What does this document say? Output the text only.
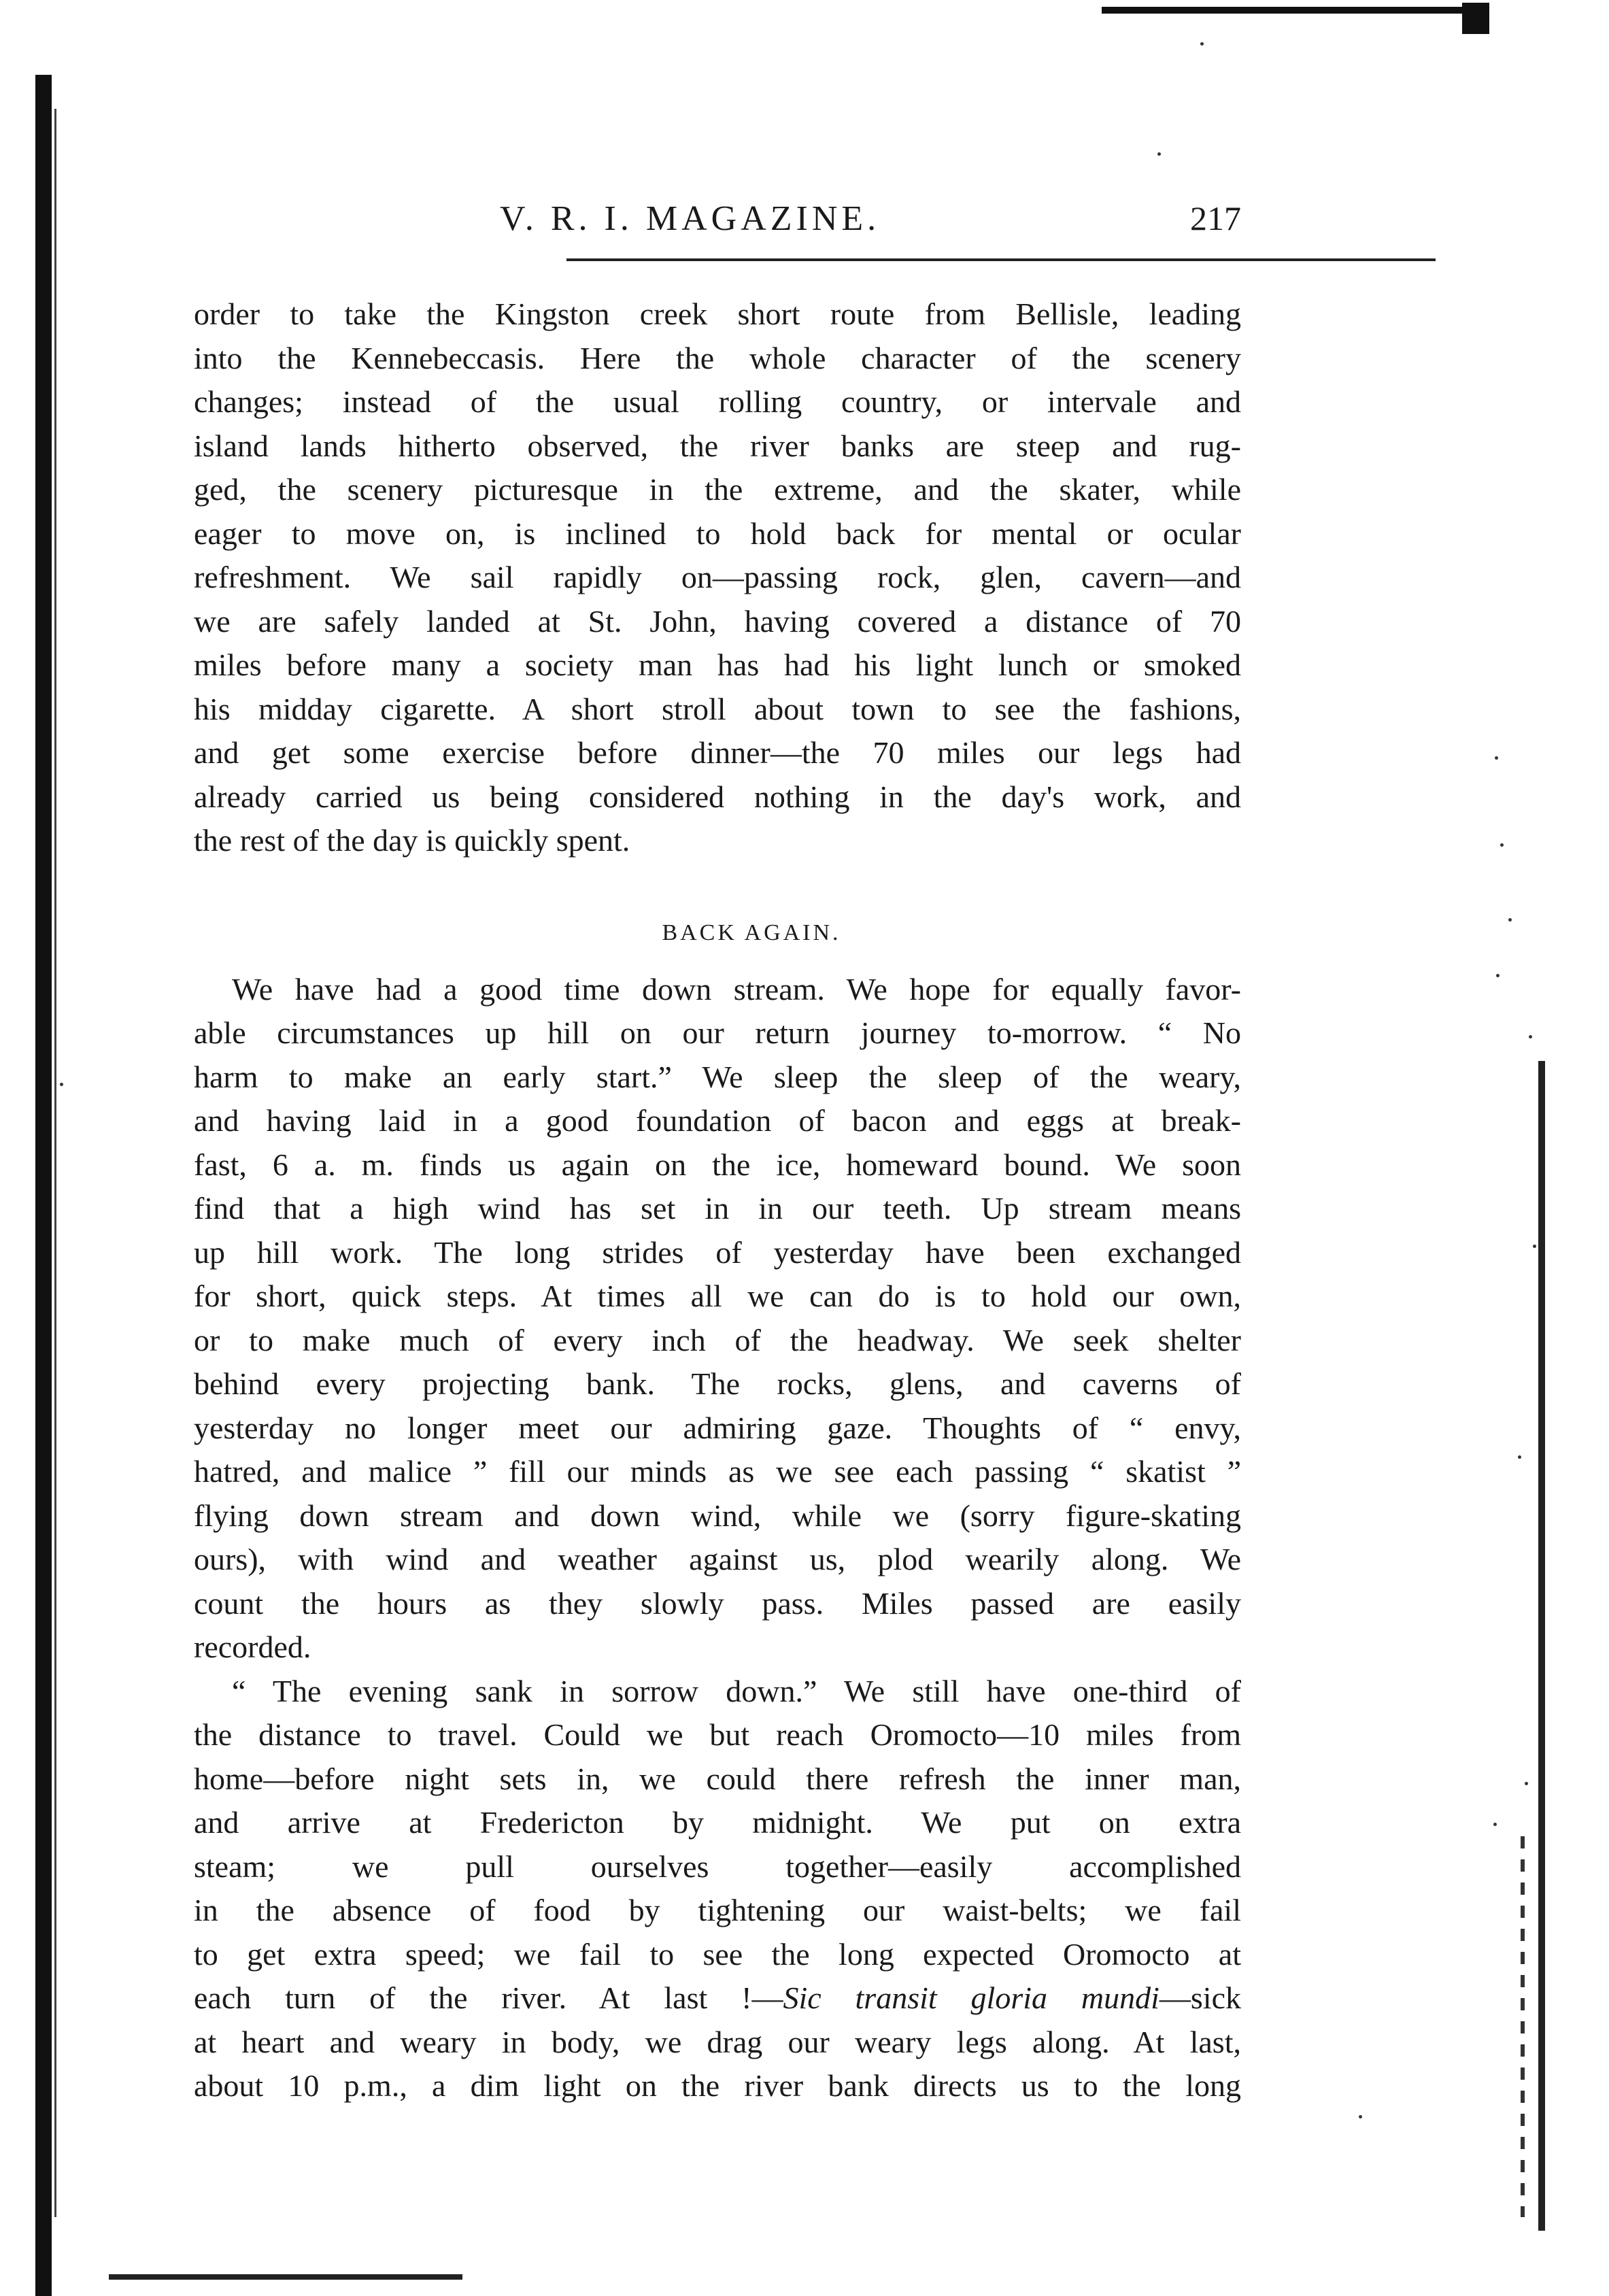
V. R. I. MAGAZINE.	217
order to take the Kingston creek short route from Bellisle, leading
into the Kennebeccasis. Here the whole character of the scenery
changes; instead of the usual rolling country, or intervale and
island lands hitherto observed, the river banks are steep and rug-
ged, the scenery picturesque in the extreme, and the skater, while
eager to move on, is inclined to hold back for mental or ocular
refreshment. We sail rapidly on—passing rock, glen, cavern—and
we are safely landed at St. John, having covered a distance of 70
miles before many a society man has had his light lunch or smoked
his midday cigarette. A short stroll about town to see the fashions,
and get some exercise before dinner—the 70 miles our legs had
already carried us being considered nothing in the day's work, and
the rest of the day is quickly spent.
BACK AGAIN.
We have had a good time down stream. We hope for equally favor-
able circumstances up hill on our return journey to-morrow. “ No
harm to make an early start.” We sleep the sleep of the weary,
and having laid in a good foundation of bacon and eggs at break-
fast, 6 a. m. finds us again on the ice, homeward bound. We soon
find that a high wind has set in in our teeth. Up stream means
up hill work. The long strides of yesterday have been exchanged
for short, quick steps. At times all we can do is to hold our own,
or to make much of every inch of the headway. We seek shelter
behind every projecting bank. The rocks, glens, and caverns of
yesterday no longer meet our admiring gaze. Thoughts of “ envy,
hatred, and malice ” fill our minds as we see each passing “ skatist ”
flying down stream and down wind, while we (sorry figure-skating
ours), with wind and weather against us, plod wearily along. We
count the hours as they slowly pass. Miles passed are easily
recorded.
“ The evening sank in sorrow down.” We still have one-third of
the distance to travel. Could we but reach Oromocto—10 miles from
home—before night sets in, we could there refresh the inner man,
and arrive at Fredericton by midnight. We put on extra
steam; we pull ourselves together—easily accomplished
in the absence of food by tightening our waist-belts; we fail
to get extra speed; we fail to see the long expected Oromocto at
each turn of the river. At last !—Sic transit gloria mundi—sick
at heart and weary in body, we drag our weary legs along. At last,
about 10 p.m., a dim light on the river bank directs us to the long
